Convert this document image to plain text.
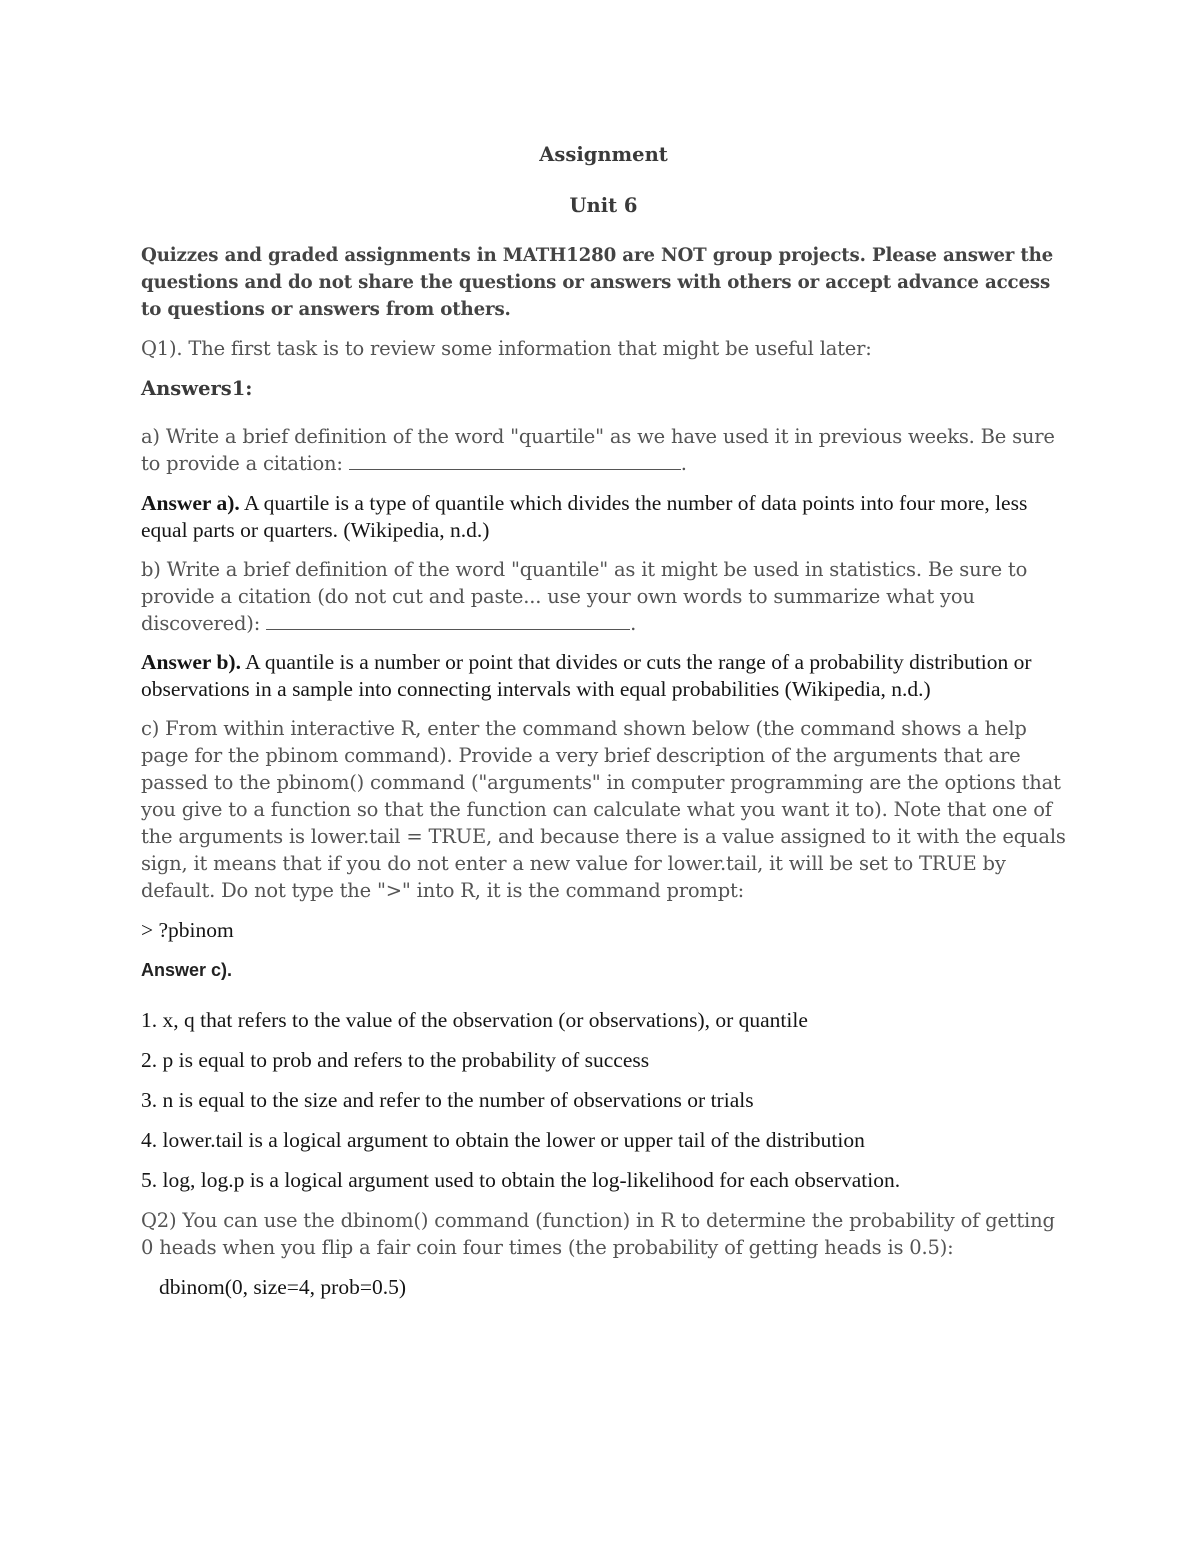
Assignment

Unit 6

Quizzes and graded assignments in MATH1280 are NOT group projects. Please answer the questions and do not share the questions or answers with others or accept advance access to questions or answers from others.

Q1). The first task is to review some information that might be useful later:

Answers1:

a) Write a brief definition of the word "quartile" as we have used it in previous weeks. Be sure to provide a citation:	.

Answer a). A quartile is a type of quantile which divides the number of data points into four more, less equal parts or quarters. (Wikipedia, n.d.)

b) Write a brief definition of the word "quantile" as it might be used in statistics. Be sure to provide a citation (do not cut and paste... use your own words to summarize what you discovered):	.

Answer b). A quantile is a number or point that divides or cuts the range of a probability distribution or observations in a sample into connecting intervals with equal probabilities (Wikipedia, n.d.)

c) From within interactive R, enter the command shown below (the command shows a help page for the pbinom command). Provide a very brief description of the arguments that are passed to the pbinom() command ("arguments" in computer programming are the options that you give to a function so that the function can calculate what you want it to). Note that one of the arguments is lower.tail = TRUE, and because there is a value assigned to it with the equals sign, it means that if you do not enter a new value for lower.tail, it will be set to TRUE by default. Do not type the ">" into R, it is the command prompt:

> ?pbinom

Answer c).

1. x, q that refers to the value of the observation (or observations), or quantile

2. p is equal to prob and refers to the probability of success

3. n is equal to the size and refer to the number of observations or trials

4. lower.tail is a logical argument to obtain the lower or upper tail of the distribution

5. log, log.p is a logical argument used to obtain the log-likelihood for each observation.

Q2) You can use the dbinom() command (function) in R to determine the probability of getting 0 heads when you flip a fair coin four times (the probability of getting heads is 0.5):

dbinom(0, size=4, prob=0.5)
